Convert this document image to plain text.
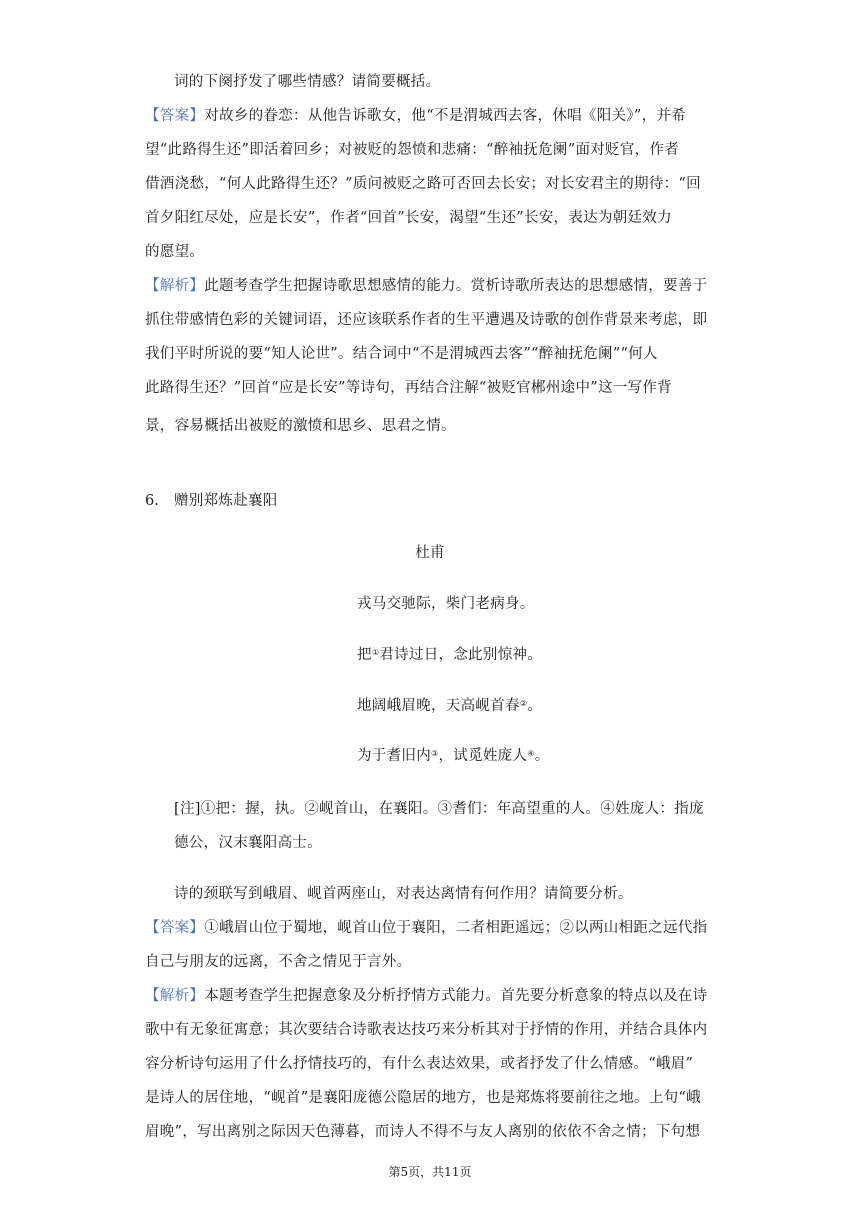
词的下阕抒发了哪些情感？请简要概括。
【答案】对故乡的眷恋：从他告诉歌女，他“不是渭城西去客，休唱《阳关》”，并希
望“此路得生还”即活着回乡；对被贬的怨愤和悲痛：“醉袖抚危阑”面对贬官，作者
借酒浇愁，“何人此路得生还？”质问被贬之路可否回去长安；对长安君主的期待：“回
首夕阳红尽处，应是长安”，作者“回首”长安，渴望“生还”长安，表达为朝廷效力
的愿望。
【解析】此题考查学生把握诗歌思想感情的能力。赏析诗歌所表达的思想感情，要善于
抓住带感情色彩的关键词语，还应该联系作者的生平遭遇及诗歌的创作背景来考虑，即
我们平时所说的要“知人论世”。结合词中“不是渭城西去客”“醉袖抚危阑”“何人
此路得生还？”回首“应是长安”等诗句，再结合注解“被贬官郴州途中”这一写作背
景，容易概括出被贬的激愤和思乡、思君之情。
6. 赠别郑炼赴襄阳
杜甫
戎马交驰际，柴门老病身。
把①君诗过日，念此别惊神。
地阔峨眉晚，天高岘首春②。
为于耆旧内③，试觅姓庞人④。
[注]①把：握，执。②岘首山，在襄阳。③耆们：年高望重的人。④姓庞人：指庞
德公，汉末襄阳高士。
诗的颈联写到峨眉、岘首两座山，对表达离情有何作用？请简要分析。
【答案】①峨眉山位于蜀地，岘首山位于襄阳，二者相距遥远；②以两山相距之远代指
自己与朋友的远离，不舍之情见于言外。
【解析】本题考查学生把握意象及分析抒情方式能力。首先要分析意象的特点以及在诗
歌中有无象征寓意；其次要结合诗歌表达技巧来分析其对于抒情的作用，并结合具体内
容分析诗句运用了什么抒情技巧的，有什么表达效果，或者抒发了什么情感。“峨眉”
是诗人的居住地，“岘首”是襄阳庞德公隐居的地方，也是郑炼将要前往之地。上句“峨
眉晚”，写出离别之际因天色薄暮，而诗人不得不与友人离别的依依不舍之情；下句想
第5页，共11页
